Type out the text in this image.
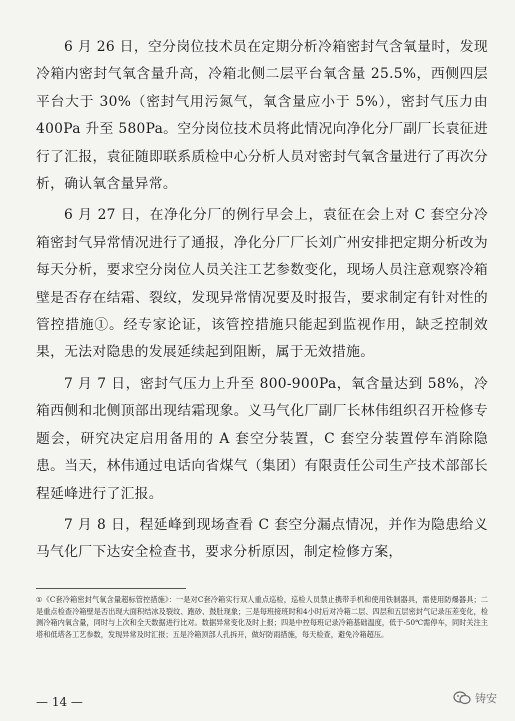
6 月 26 日，空分岗位技术员在定期分析冷箱密封气含氧量时，发现冷箱内密封气氧含量升高，冷箱北侧二层平台氧含量 25.5%，西侧四层平台大于 30%（密封气用污氮气，氧含量应小于 5%），密封气压力由 400Pa 升至 580Pa。空分岗位技术员将此情况向净化分厂副厂长袁征进行了汇报，袁征随即联系质检中心分析人员对密封气氧含量进行了再次分析，确认氧含量异常。

6 月 27 日，在净化分厂的例行早会上，袁征在会上对 C 套空分冷箱密封气异常情况进行了通报，净化分厂厂长刘广州安排把定期分析改为每天分析，要求空分岗位人员关注工艺参数变化，现场人员注意观察冷箱壁是否存在结霜、裂纹，发现异常情况要及时报告，要求制定有针对性的管控措施①。经专家论证，该管控措施只能起到监视作用，缺乏控制效果，无法对隐患的发展延续起到阻断，属于无效措施。

7 月 7 日，密封气压力上升至 800-900Pa，氧含量达到 58%，冷箱西侧和北侧顶部出现结霜现象。义马气化厂副厂长林伟组织召开检修专题会，研究决定启用备用的 A 套空分装置，C 套空分装置停车消除隐患。当天，林伟通过电话向省煤气（集团）有限责任公司生产技术部部长程延峰进行了汇报。

7 月 8 日，程延峰到现场查看 C 套空分漏点情况，并作为隐患给义马气化厂下达安全检查书，要求分析原因，制定检修方案，

①《C套冷箱密封气氧含量超标管控措施》：一是对C套冷箱实行双人重点巡检，巡检人员禁止携带手机和使用铁制器具，需使用防爆器具；二是重点检查冷箱壁是否出现大面积结冰及裂纹、跑砂、鼓肚现象；三是每班接班时和4小时后对冷箱二层、四层和五层密封气记录压差变化，检测冷箱内氧含量，同时与上次和全天数据进行比对。数据异常变化及时上报；四是中控每班记录冷箱基础温度，低于-50℃需停车，同时关注主塔和低塔各工艺参数，发现异常及时汇报；五是冷箱顶部人孔拆开，做好防雨措施，每天检查，避免冷箱超压。
— 14 —	铸安
